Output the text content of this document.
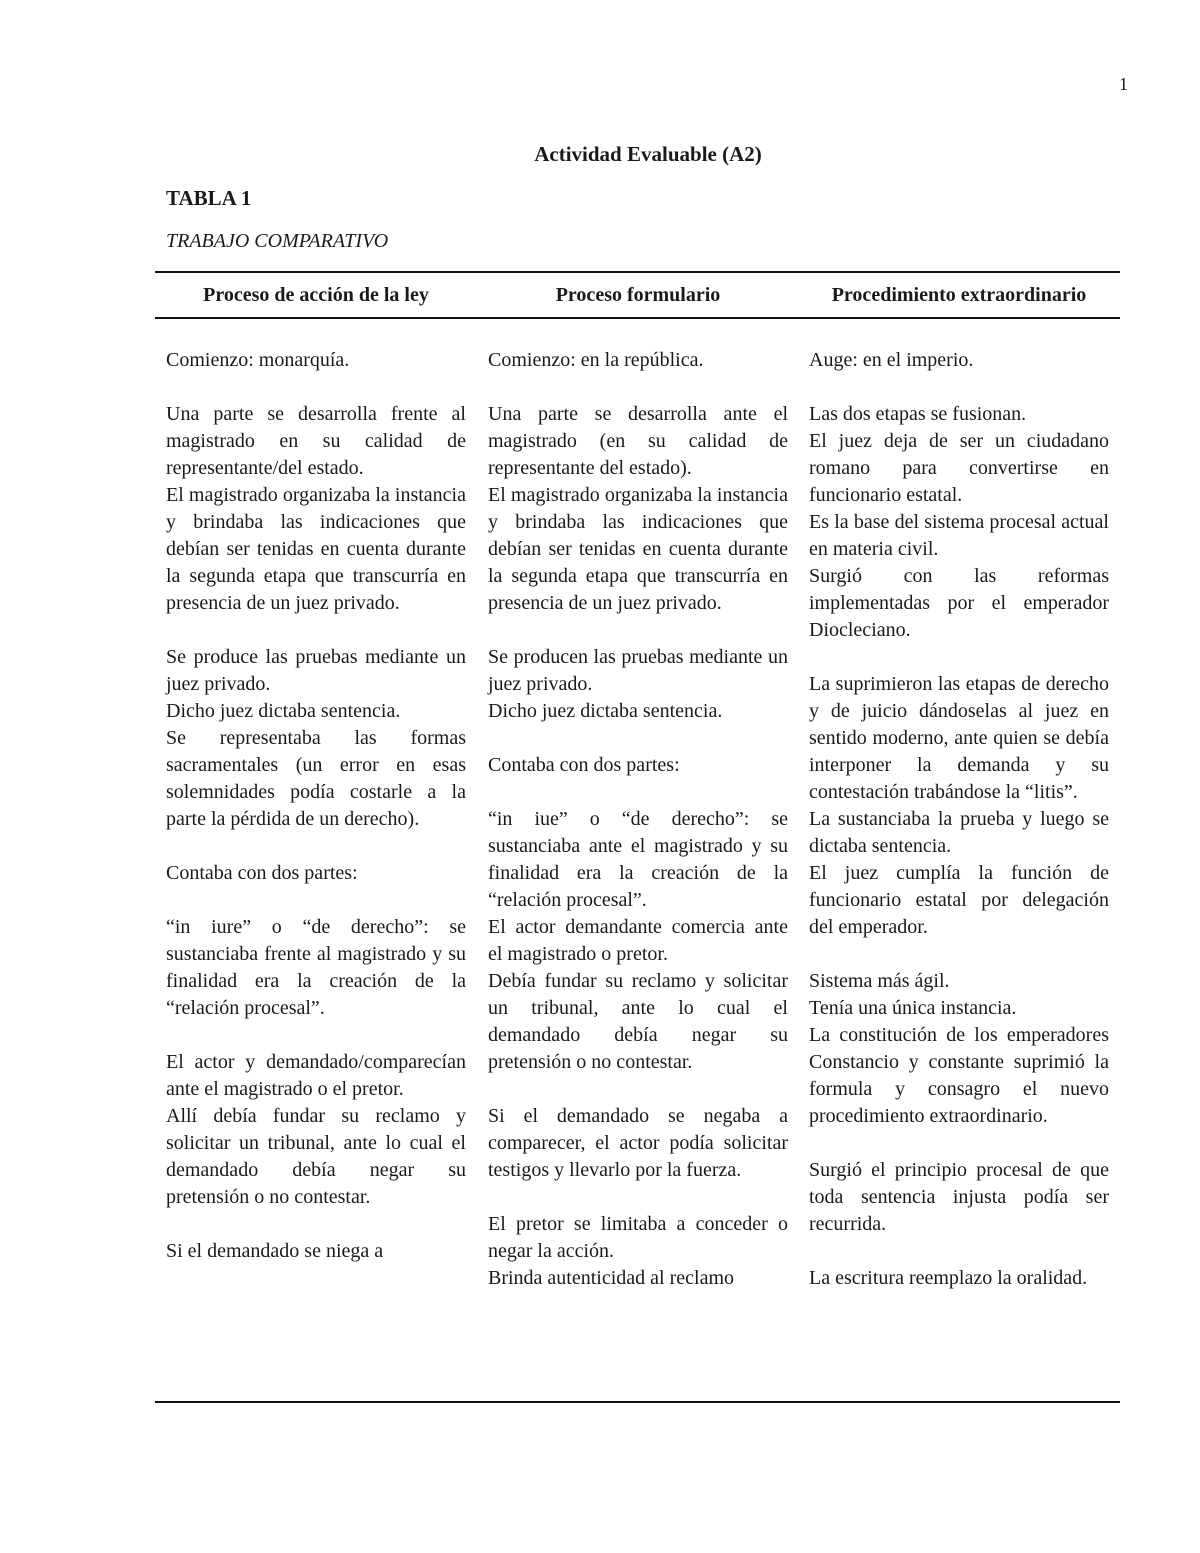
1
Actividad Evaluable (A2)
TABLA 1

TRABAJO COMPARATIVO

Proceso de acción de la ley	Proceso formulario	Procedimiento extraordinario

Comienzo: monarquía.

Una parte se desarrolla frente al magistrado en su calidad de representante/del estado.

El magistrado organizaba la instancia y brindaba las indicaciones que debían ser tenidas en cuenta durante la segunda etapa que transcurría en presencia de un juez privado.

Se produce las pruebas mediante un juez privado.

Dicho juez dictaba sentencia.

Se representaba las formas sacramentales (un error en esas solemnidades podía costarle a la parte la pérdida de un derecho).

Contaba con dos partes:

“in iure” o “de derecho”: se sustanciaba frente al magistrado y su finalidad era la creación de la “relación procesal”.

El actor y demandado/comparecían ante el magistrado o el pretor.

Allí debía fundar su reclamo y solicitar un tribunal, ante lo cual el demandado debía negar su pretensión o no contestar.

Si el demandado se niega a

Comienzo: en la república.

Una parte se desarrolla ante el magistrado (en su calidad de representante del estado).

El magistrado organizaba la instancia y brindaba las indicaciones que debían ser tenidas en cuenta durante la segunda etapa que transcurría en presencia de un juez privado.

Se producen las pruebas mediante un juez privado.

Dicho juez dictaba sentencia.

Contaba con dos partes:

“in iue” o “de derecho”: se sustanciaba ante el magistrado y su finalidad era la creación de la “relación procesal”.

El actor demandante comercia ante el magistrado o pretor.

Debía fundar su reclamo y solicitar un tribunal, ante lo cual el demandado debía negar su pretensión o no contestar.

Si el demandado se negaba a comparecer, el actor podía solicitar testigos y llevarlo por la fuerza.

El pretor se limitaba a conceder o negar la acción.

Brinda autenticidad al reclamo

Auge: en el imperio.

Las dos etapas se fusionan.

El juez deja de ser un ciudadano romano para convertirse en funcionario estatal.

Es la base del sistema procesal actual en materia civil.

Surgió con las reformas implementadas por el emperador Diocleciano.

La suprimieron las etapas de derecho y de juicio dándoselas al juez en sentido moderno, ante quien se debía interponer la demanda y su contestación trabándose la “litis”.

La sustanciaba la prueba y luego se dictaba sentencia.

El juez cumplía la función de funcionario estatal por delegación del emperador.

Sistema más ágil.

Tenía una única instancia.

La constitución de los emperadores Constancio y constante suprimió la formula y consagro el nuevo procedimiento extraordinario.

Surgió el principio procesal de que toda sentencia injusta podía ser recurrida.

La escritura reemplazo la oralidad.
